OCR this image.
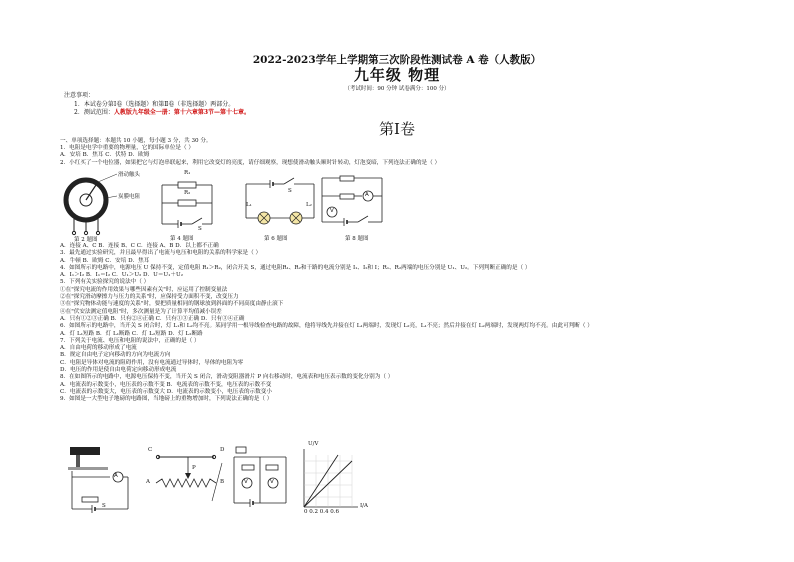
2022-2023学年上学期第三次阶段性测试卷 A 卷（人教版）
九年级 物理
（考试时间：90 分钟 试卷满分：100 分）
注意事项：
1．本试卷分第Ⅰ卷（选择题）和第Ⅱ卷（非选择题）两部分。
2．测试范围：人教版九年级全一册：第十六章第3节—第十七章。
第Ⅰ卷
一、单项选择题：本题共 10 小题，每小题 3 分，共 30 分。
1．电阻是电学中重要的物理量，它的国际单位是（ ）
A．安培 B．焦耳 C．伏特 D．欧姆
2．小红买了一个电位器，如果把它与灯泡串联起来，利用它改变灯的亮度，请仔细观察，现想使滑动触头顺时针转动，灯泡变暗，下列连法正确的是（ ）
滑动触头
炭膜电阻
第 2 题图
R₁
R₂
S
第 4 题图
S
L₁	L₂
第 6 题图
A
V
第 8 题图
A．连接 A、C B．连接 B、C C．连接 A、B D．以上都不正确
3．最先通过实验研究，并且最早得出了电流与电压和电阻的关系的科学家是（ ）
A．牛顿 B．欧姆 C．安培 D．焦耳
4．如图所示的电路中，电源电压 U 保持不变，定值电阻 R₁＞R₂，闭合开关 S，通过电阻R₁、R₂和干路的电流分别是 I₁、I₂和 I；R₁、R₂两端的电压分别是 U₁、U₂。下列判断正确的是（ ）
A．I₁＞I₂ B．I₁＝I₂ C．U₁＞U₂ D．U＝U₁＋U₂
5．下列有关实验探究的说法中（ ）
①在"探究电流的作用效果与哪些因素有关"时，应运用了控制变量法
②在"探究滑动摩擦力与压力的关系"时，应保持受力面积不变，改变压力
③在"探究物体动能与速度的关系"时，要把质量相同的钢球放到斜面的不同高度由静止滚下
④在"伏安法测定值电阻"时，多次测量是为了计算平均值减小误差
A．只有①②③正确 B．只有②④正确 C．只有①③正确 D．只有③④正确
6．如图所示的电路中，当开关 S 闭合时，灯 L₁和 L₂均不亮。某同学用一根导线检查电路的故障，他将导线先并接在灯 L₁两端时，发现灯 L₂亮，L₁不亮；然后并接在灯 L₂两端时，发现两灯均不亮。由此可判断（ ）
A．灯 L₁短路 B．灯 L₁断路 C．灯 L₂短路 D．灯 L₂断路
7．下列关于电流、电压和电阻的说法中，正确的是（ ）
A．自由电荷的移动形成了电流
B．规定自由电子定向移动的方向为电流方向
C．电阻是导体对电流的阻碍作用，没有电流通过导体时，导体的电阻为零
D．电压的作用是使自由电荷定向移动形成电流
8．在如图所示的电路中，电源电压保持不变，当开关 S 闭合，滑动变阻器滑片 P 向右移动时，电流表和电压表示数的变化分别为（ ）
A．电流表的示数变小，电压表的示数不变 B．电流表的示数不变，电压表的示数不变
C．电流表的示数变大，电压表的示数变大 D．电流表的示数变小，电压表的示数变小
9．如图是一大型电子地磅的电路图，当地磅上的重物增加时，下列说法正确的是（ ）
A
S
C	D
A	B
P
V	V
U/V
I/A
0 0.2 0.4 0.6
